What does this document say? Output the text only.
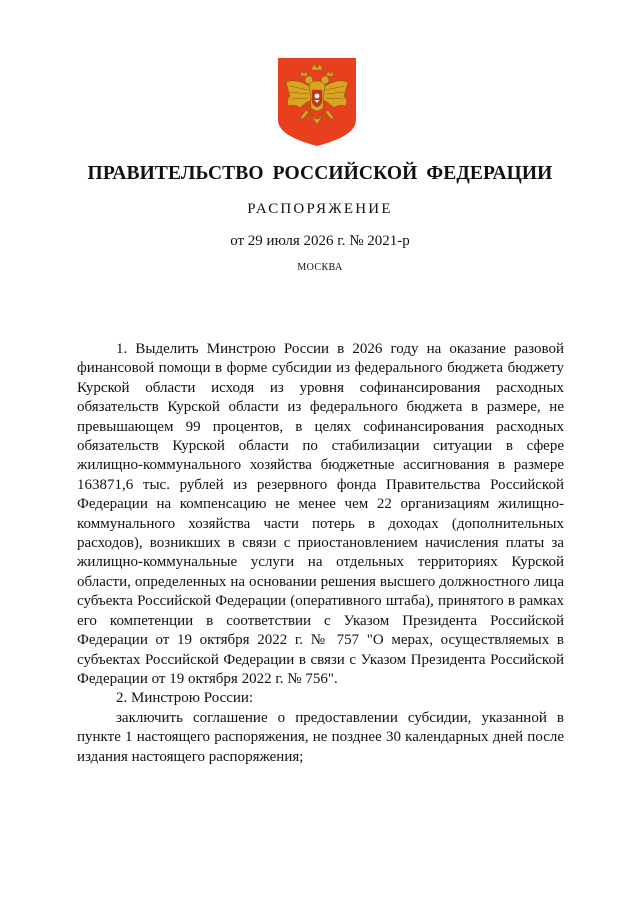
ПРАВИТЕЛЬСТВО РОССИЙСКОЙ ФЕДЕРАЦИИ
РАСПОРЯЖЕНИЕ
от 29 июля 2026 г. № 2021-р
МОСКВА

1. Выделить Минстрою России в 2026 году на оказание разовой финансовой помощи в форме субсидии из федерального бюджета бюджету Курской области исходя из уровня софинансирования расходных обязательств Курской области из федерального бюджета в размере, не превышающем 99 процентов, в целях софинансирования расходных обязательств Курской области по стабилизации ситуации в сфере жилищно-коммунального хозяйства бюджетные ассигнования в размере 163871,6 тыс. рублей из резервного фонда Правительства Российской Федерации на компенсацию не менее чем 22 организациям жилищно-коммунального хозяйства части потерь в доходах (дополнительных расходов), возникших в связи с приостановлением начисления платы за жилищно-коммунальные услуги на отдельных территориях Курской области, определенных на основании решения высшего должностного лица субъекта Российской Федерации (оперативного штаба), принятого в рамках его компетенции в соответствии с Указом Президента Российской Федерации от 19 октября 2022 г. № 757 "О мерах, осуществляемых в субъектах Российской Федерации в связи с Указом Президента Российской Федерации от 19 октября 2022 г. № 756".

2. Минстрою России:

заключить соглашение о предоставлении субсидии, указанной в пункте 1 настоящего распоряжения, не позднее 30 календарных дней после издания настоящего распоряжения;
